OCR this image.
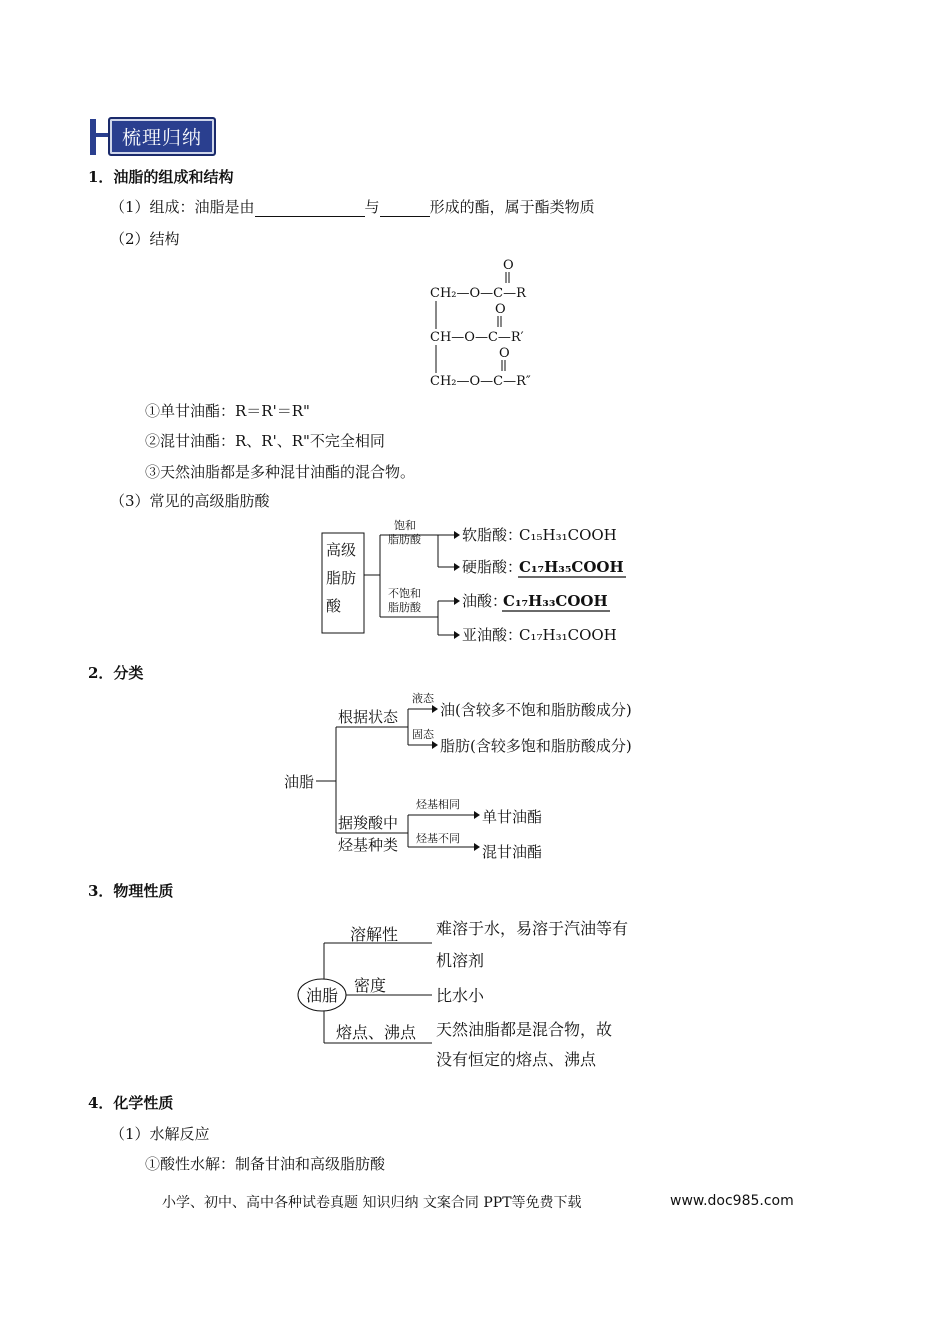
梳理归纳
1．油脂的组成和结构
（1）组成：油脂是由	与	形成的酯，属于酯类物质
（2）结构
O
CH₂—O—C—R
O
CH—O—C—R′
O
CH₂—O—C—R″
①单甘油酯：R＝R'＝R"
②混甘油酯：R、R'、R"不完全相同
③天然油脂都是多种混甘油酯的混合物。
（3）常见的高级脂肪酸
高级
脂肪
酸
饱和
脂肪酸
不饱和
脂肪酸
软脂酸：
C₁₅H₃₁COOH
硬脂酸：
C₁₇H₃₅COOH
油酸：
C₁₇H₃₃COOH
亚油酸：
C₁₇H₃₁COOH
2．分类
油脂
根据状态	油(含较多不饱和脂肪酸成分)
脂肪(含较多饱和脂肪酸成分)
据羧酸中
烃基种类
单甘油酯
混甘油酯
液态
固态
烃基相同
烃基不同
3．物理性质
油脂
溶解性
密度
熔点、沸点
难溶于水，易溶于汽油等有
机溶剂
比水小
天然油脂都是混合物，故
没有恒定的熔点、沸点
4．化学性质
（1）水解反应
①酸性水解：制备甘油和高级脂肪酸
小学、初中、高中各种试卷真题 知识归纳 文案合同 PPT等免费下载	www.doc985.com
